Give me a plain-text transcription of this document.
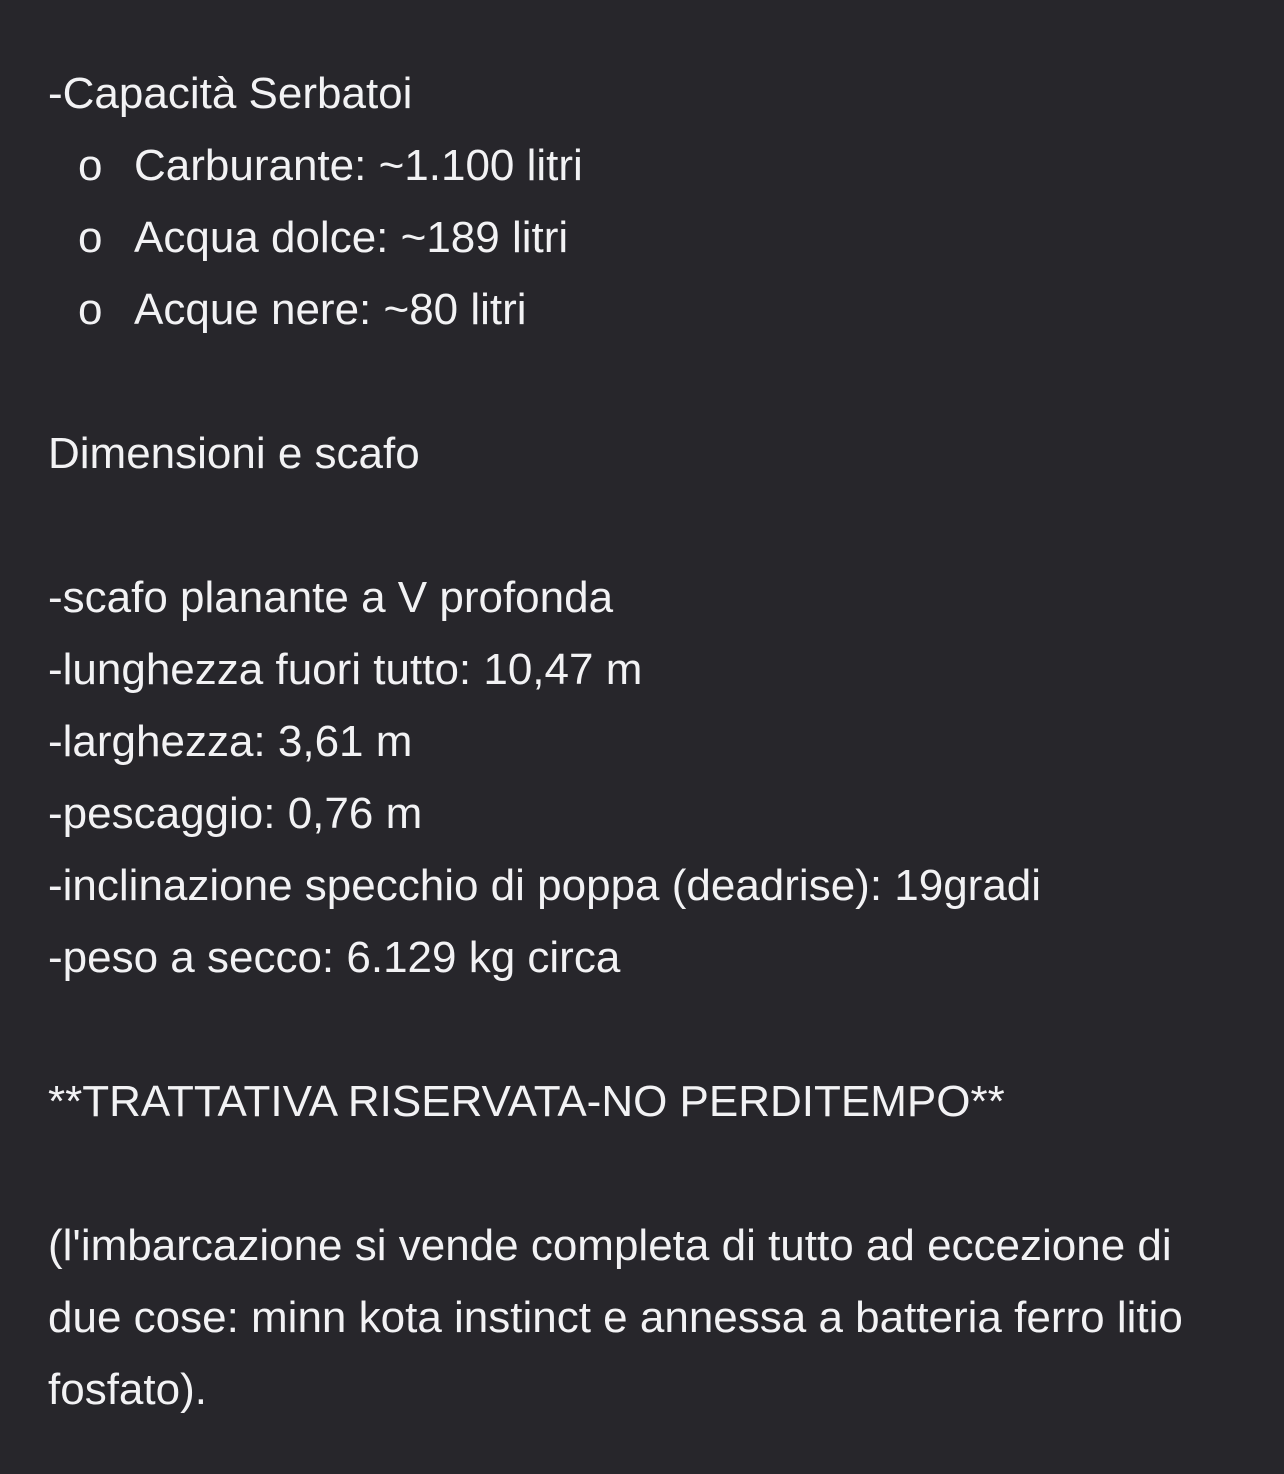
-Capacità Serbatoi

o Carburante: ~1.100 litri
o Acqua dolce: ~189 litri
o Acque nere: ~80 litri

Dimensioni e scafo

-scafo planante a V profonda

-lunghezza fuori tutto: 10,47 m

-larghezza: 3,61 m

-pescaggio: 0,76 m

-inclinazione specchio di poppa (deadrise): 19gradi

-peso a secco: 6.129 kg circa

**TRATTATIVA RISERVATA-NO PERDITEMPO**

(l'imbarcazione si vende completa di tutto ad eccezione di due cose: minn kota instinct e annessa a batteria ferro litio fosfato).
